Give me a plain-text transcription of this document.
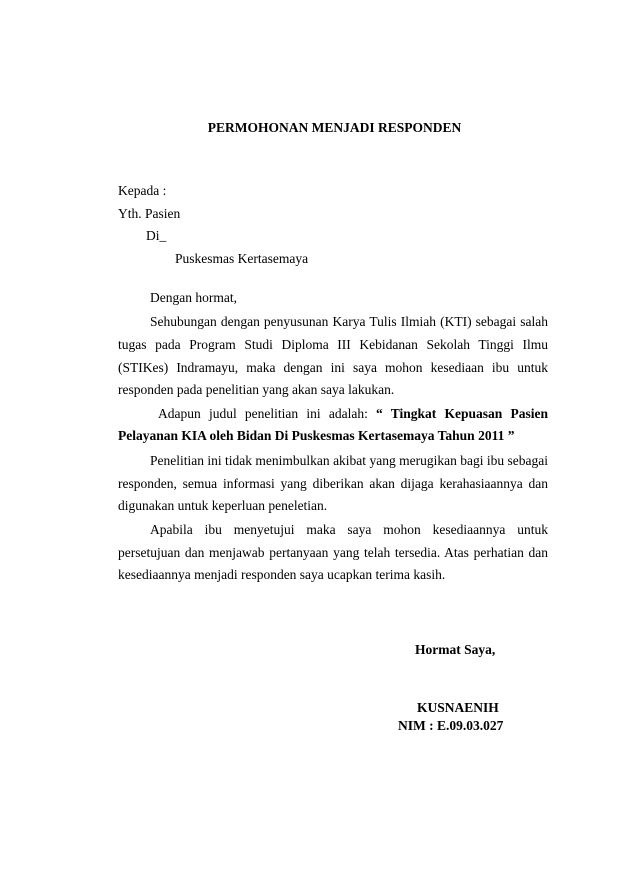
PERMOHONAN MENJADI RESPONDEN
Kepada :
Yth. Pasien
Di_
Puskesmas Kertasemaya
Dengan hormat,
Sehubungan dengan penyusunan Karya Tulis Ilmiah (KTI) sebagai salah
tugas pada Program Studi Diploma III Kebidanan Sekolah Tinggi Ilmu
(STIKes) Indramayu, maka dengan ini saya mohon kesediaan ibu untuk
responden pada penelitian yang akan saya lakukan.
Adapun judul penelitian ini adalah: “ Tingkat Kepuasan Pasien
Pelayanan KIA oleh Bidan Di Puskesmas Kertasemaya Tahun 2011 ”
Penelitian ini tidak menimbulkan akibat yang merugikan bagi ibu sebagai
responden, semua informasi yang diberikan akan dijaga kerahasiaannya dan
digunakan untuk keperluan peneletian.
Apabila ibu menyetujui maka saya mohon kesediaannya untuk
persetujuan dan menjawab pertanyaan yang telah tersedia. Atas perhatian dan
kesediaannya menjadi responden saya ucapkan terima kasih.
Hormat Saya,
KUSNAENIH
NIM : E.09.03.027
